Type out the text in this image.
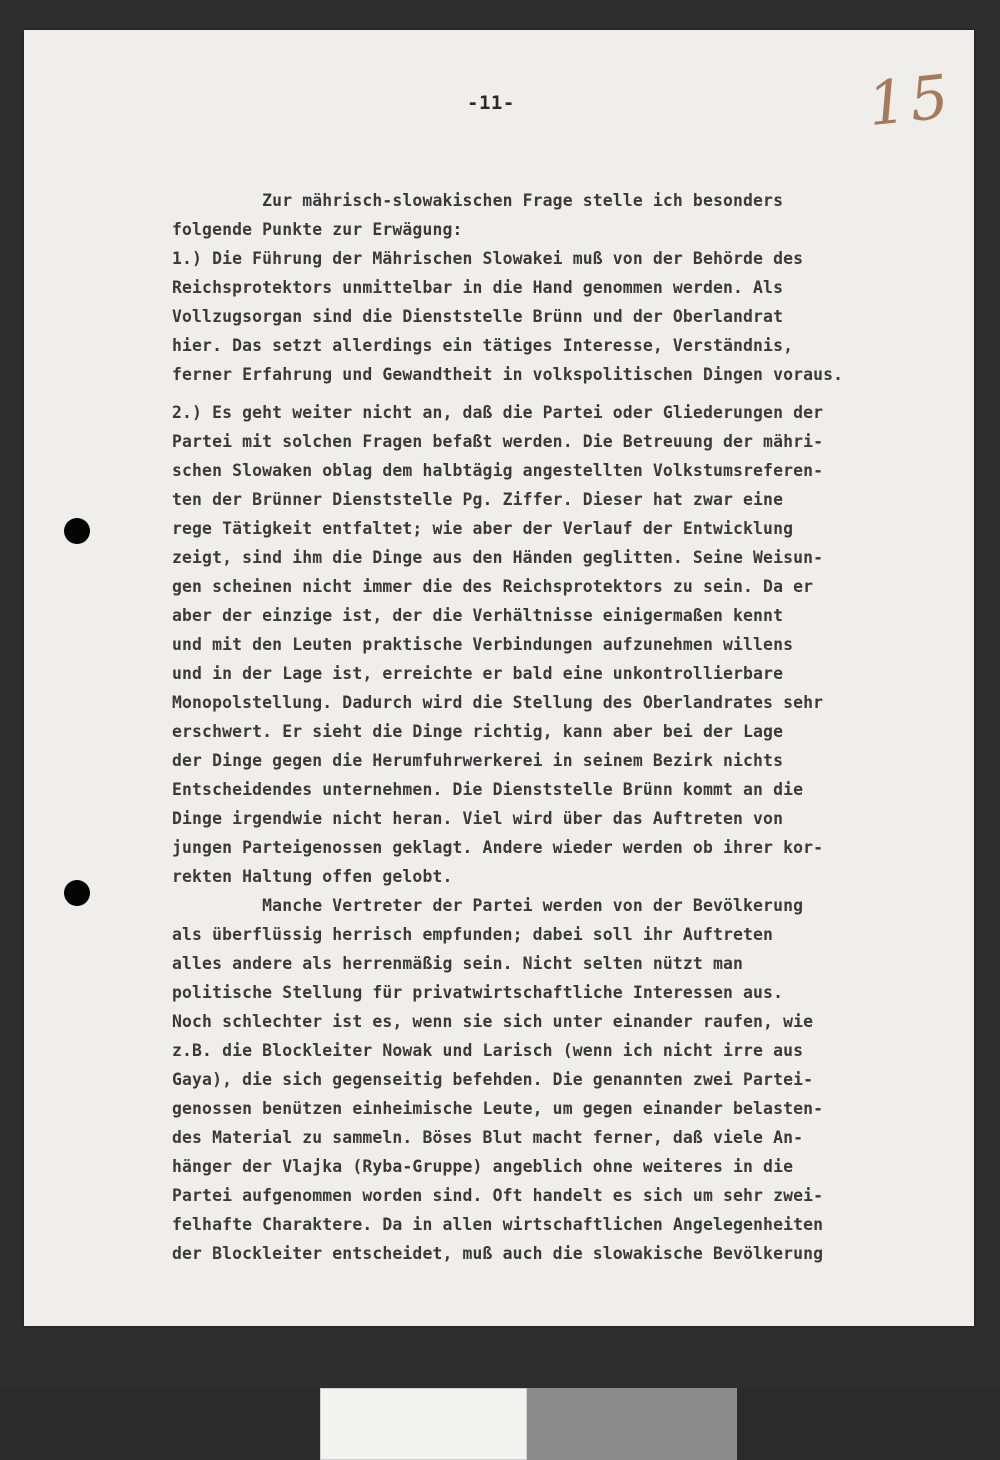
-11-	15
Zur mährisch-slowakischen Frage stelle ich besonders
folgende Punkte zur Erwägung:
1.) Die Führung der Mährischen Slowakei muß von der Behörde des
Reichsprotektors unmittelbar in die Hand genommen werden. Als
Vollzugsorgan sind die Dienststelle Brünn und der Oberlandrat
hier. Das setzt allerdings ein tätiges Interesse, Verständnis,
ferner Erfahrung und Gewandtheit in volkspolitischen Dingen voraus.
2.) Es geht weiter nicht an, daß die Partei oder Gliederungen der
Partei mit solchen Fragen befaßt werden. Die Betreuung der mähri-
schen Slowaken oblag dem halbtägig angestellten Volkstumsreferen-
ten der Brünner Dienststelle Pg. Ziffer. Dieser hat zwar eine
rege Tätigkeit entfaltet; wie aber der Verlauf der Entwicklung
zeigt, sind ihm die Dinge aus den Händen geglitten. Seine Weisun-
gen scheinen nicht immer die des Reichsprotektors zu sein. Da er
aber der einzige ist, der die Verhältnisse einigermaßen kennt
und mit den Leuten praktische Verbindungen aufzunehmen willens
und in der Lage ist, erreichte er bald eine unkontrollierbare
Monopolstellung. Dadurch wird die Stellung des Oberlandrates sehr
erschwert. Er sieht die Dinge richtig, kann aber bei der Lage
der Dinge gegen die Herumfuhrwerkerei in seinem Bezirk nichts
Entscheidendes unternehmen. Die Dienststelle Brünn kommt an die
Dinge irgendwie nicht heran. Viel wird über das Auftreten von
jungen Parteigenossen geklagt. Andere wieder werden ob ihrer kor-
rekten Haltung offen gelobt.
Manche Vertreter der Partei werden von der Bevölkerung
als überflüssig herrisch empfunden; dabei soll ihr Auftreten
alles andere als herrenmäßig sein. Nicht selten nützt man
politische Stellung für privatwirtschaftliche Interessen aus.
Noch schlechter ist es, wenn sie sich unter einander raufen, wie
z.B. die Blockleiter Nowak und Larisch (wenn ich nicht irre aus
Gaya), die sich gegenseitig befehden. Die genannten zwei Partei-
genossen benützen einheimische Leute, um gegen einander belasten-
des Material zu sammeln. Böses Blut macht ferner, daß viele An-
hänger der Vlajka (Ryba-Gruppe) angeblich ohne weiteres in die
Partei aufgenommen worden sind. Oft handelt es sich um sehr zwei-
felhafte Charaktere. Da in allen wirtschaftlichen Angelegenheiten
der Blockleiter entscheidet, muß auch die slowakische Bevölkerung
